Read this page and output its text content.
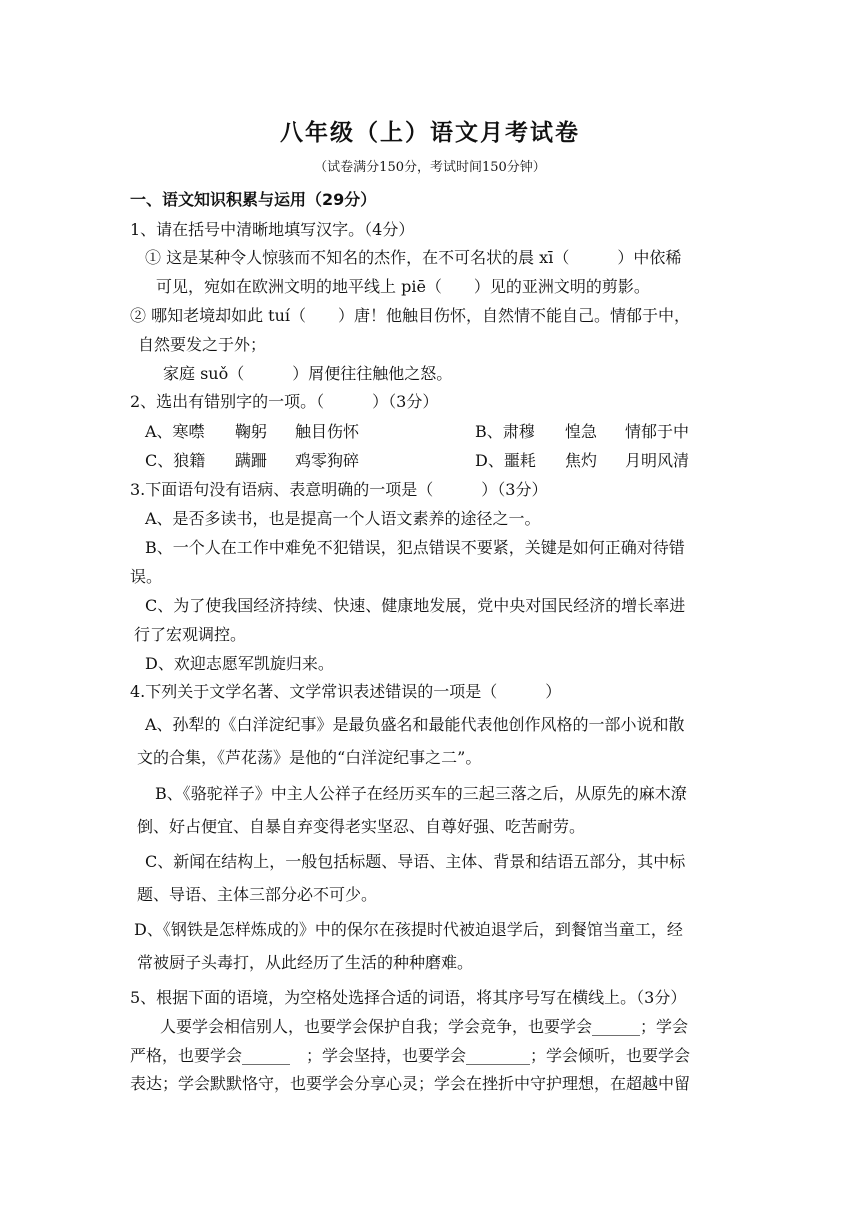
八年级（上）语文月考试卷
（试卷满分150分，考试时间150分钟）
一、语文知识积累与运用（29分）
1、请在括号中清晰地填写汉字。（4分）
① 这是某种令人惊骇而不知名的杰作，在不可名状的晨 xī（　　　）中依稀
可见，宛如在欧洲文明的地平线上 piē（　　）见的亚洲文明的剪影。
② 哪知老境却如此 tuí（　　）唐！他触目伤怀，自然情不能自己。情郁于中，
自然要发之于外；
家庭 suǒ（　　　）屑便往往触他之怒。
2、选出有错别字的一项。（　　　）（3分）
A、寒噤 鞠躬 触目伤怀	B、肃穆 惶急 情郁于中
C、狼籍 蹒跚 鸡零狗碎	D、噩耗 焦灼 月明风清
3.下面语句没有语病、表意明确的一项是（　　　）（3分）
A、是否多读书，也是提高一个人语文素养的途径之一。
B、一个人在工作中难免不犯错误，犯点错误不要紧，关键是如何正确对待错
误。
C、为了使我国经济持续、快速、健康地发展，党中央对国民经济的增长率进
行了宏观调控。
D、欢迎志愿军凯旋归来。
4.下列关于文学名著、文学常识表述错误的一项是（　　　）
A、孙犁的《白洋淀纪事》是最负盛名和最能代表他创作风格的一部小说和散
文的合集，《芦花荡》是他的“白洋淀纪事之二”。
B、《骆驼祥子》中主人公祥子在经历买车的三起三落之后，从原先的麻木潦
倒、好占便宜、自暴自弃变得老实坚忍、自尊好强、吃苦耐劳。
C、新闻在结构上，一般包括标题、导语、主体、背景和结语五部分，其中标
题、导语、主体三部分必不可少。
D、《钢铁是怎样炼成的》中的保尔在孩提时代被迫退学后，到餐馆当童工，经
常被厨子头毒打，从此经历了生活的种种磨难。
5、根据下面的语境，为空格处选择合适的词语，将其序号写在横线上。（3分）
人要学会相信别人，也要学会保护自我；学会竞争，也要学会______；学会
严格，也要学会______　；学会坚持，也要学会________；学会倾听，也要学会
表达；学会默默恪守，也要学会分享心灵；学会在挫折中守护理想，在超越中留
